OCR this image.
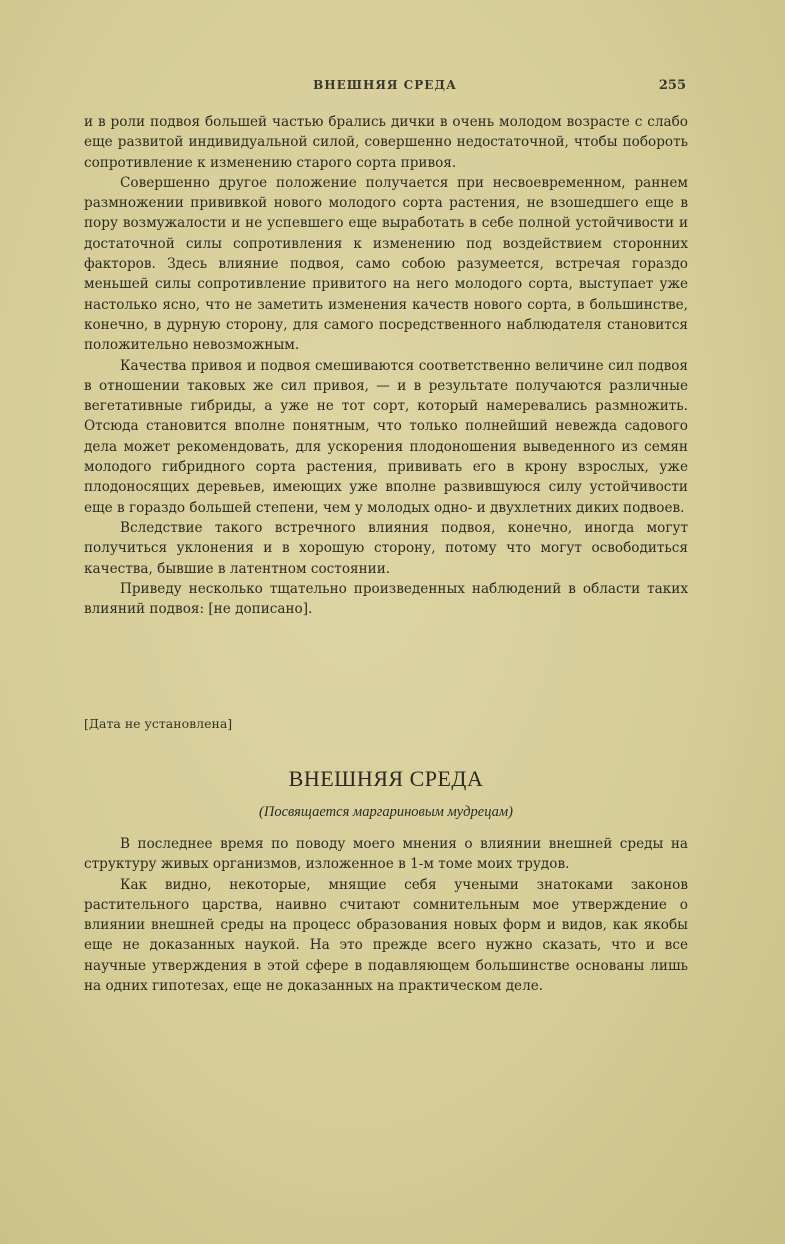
ВНЕШНЯЯ СРЕДА	255

и в роли подвоя большей частью брались дички в очень молодом возрасте с слабо еще развитой индивидуальной силой, совершенно недостаточной, чтобы побороть сопротивление к изменению старого сорта привоя.

Совершенно другое положение получается при несвоевременном, раннем размножении прививкой нового молодого сорта растения, не взошедшего еще в пору возмужалости и не успевшего еще выработать в себе полной устойчивости и достаточной силы сопротивления к изменению под воздействием сторонних факторов. Здесь влияние подвоя, само собою разумеется, встречая гораздо меньшей силы сопротивление привитого на него молодого сорта, выступает уже настолько ясно, что не заметить изменения качеств нового сорта, в большинстве, конечно, в дурную сторону, для самого посредственного наблюдателя становится положительно невозможным.

Качества привоя и подвоя смешиваются соответственно величине сил подвоя в отношении таковых же сил привоя, — и в результате получаются различные вегетативные гибриды, а уже не тот сорт, который намеревались размножить. Отсюда становится вполне понятным, что только полнейший невежда садового дела может рекомендовать, для ускорения плодоношения выведенного из семян молодого гибридного сорта растения, прививать его в крону взрослых, уже плодоносящих деревьев, имеющих уже вполне развившуюся силу устойчивости еще в гораздо большей степени, чем у молодых одно- и двухлетних диких подвоев.

Вследствие такого встречного влияния подвоя, конечно, иногда могут получиться уклонения и в хорошую сторону, потому что могут освободиться качества, бывшие в латентном состоянии.

Приведу несколько тщательно произведенных наблюдений в области таких влияний подвоя: [не дописано].

[Дата не установлена]
ВНЕШНЯЯ СРЕДА
(Посвящается маргариновым мудрецам)

В последнее время по поводу моего мнения о влиянии внешней среды на структуру живых организмов, изложенное в 1-м томе моих трудов.

Как видно, некоторые, мнящие себя учеными знатоками законов растительного царства, наивно считают сомнительным мое утверждение о влиянии внешней среды на процесс образования новых форм и видов, как якобы еще не доказанных наукой. На это прежде всего нужно сказать, что и все научные утверждения в этой сфере в подавляющем большинстве основаны лишь на одних гипотезах, еще не доказанных на практическом деле.
